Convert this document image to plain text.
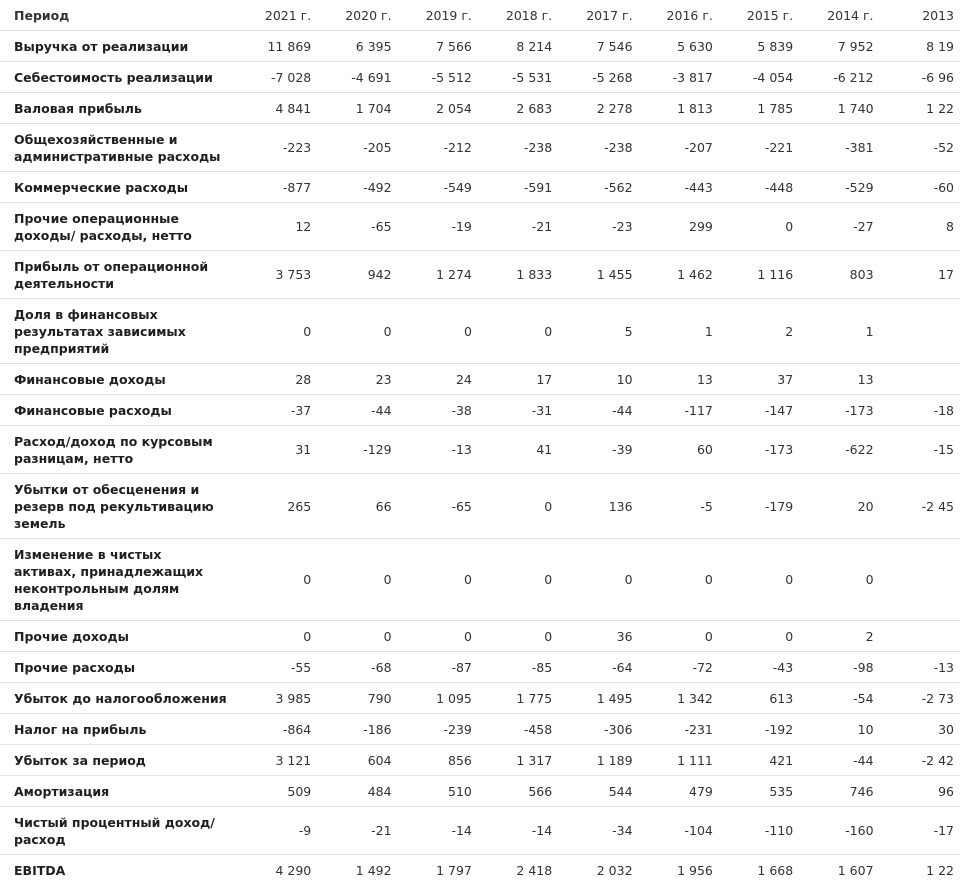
Период	2021 г.	2020 г.	2019 г.	2018 г.	2017 г.	2016 г.	2015 г.	2014 г.	2013
Выручка от реализации	11 869	6 395	7 566	8 214	7 546	5 630	5 839	7 952	8 19
Себестоимость реализации	-7 028	-4 691	-5 512	-5 531	-5 268	-3 817	-4 054	-6 212	-6 96
Валовая прибыль	4 841	1 704	2 054	2 683	2 278	1 813	1 785	1 740	1 22
Общехозяйственные и административные расходы	-223	-205	-212	-238	-238	-207	-221	-381	-52
Коммерческие расходы	-877	-492	-549	-591	-562	-443	-448	-529	-60
Прочие операционные доходы/ расходы, нетто	12	-65	-19	-21	-23	299	0	-27	8
Прибыль от операционной деятельности	3 753	942	1 274	1 833	1 455	1 462	1 116	803	17
Доля в финансовых результатах зависимых предприятий	0	0	0	0	5	1	2	1	
Финансовые доходы	28	23	24	17	10	13	37	13	
Финансовые расходы	-37	-44	-38	-31	-44	-117	-147	-173	-18
Расход/доход по курсовым разницам, нетто	31	-129	-13	41	-39	60	-173	-622	-15
Убытки от обесценения и резерв под рекультивацию земель	265	66	-65	0	136	-5	-179	20	-2 45
Изменение в чистых активах, принадлежащих неконтрольным долям владения	0	0	0	0	0	0	0	0	
Прочие доходы	0	0	0	0	36	0	0	2	
Прочие расходы	-55	-68	-87	-85	-64	-72	-43	-98	-13
Убыток до налогообложения	3 985	790	1 095	1 775	1 495	1 342	613	-54	-2 73
Налог на прибыль	-864	-186	-239	-458	-306	-231	-192	10	30
Убыток за период	3 121	604	856	1 317	1 189	1 111	421	-44	-2 42
Амортизация	509	484	510	566	544	479	535	746	96
Чистый процентный доход/ расход	-9	-21	-14	-14	-34	-104	-110	-160	-17
EBITDA	4 290	1 492	1 797	2 418	2 032	1 956	1 668	1 607	1 22
